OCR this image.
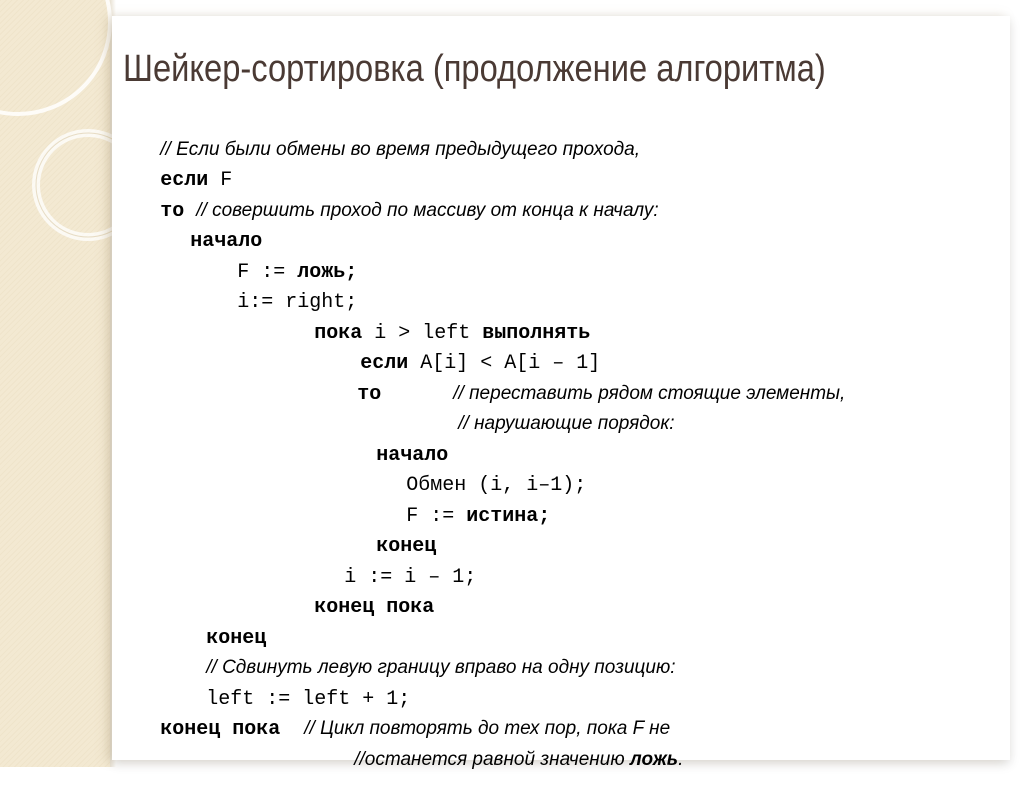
Шейкер-сортировка (продолжение алгоритма)

// Если были обмены во время предыдущего прохода,

если F

то // совершить проход по массиву от конца к началу:

начало

F := ложь;

i:= right;

пока i > left выполнять

если A[i] < A[i – 1]

то	// переставить рядом стоящие элементы,

// нарушающие порядок:

начало

Обмен (i, i–1);

F := истина;

конец

i := i – 1;

конец пока

конец

// Сдвинуть левую границу вправо на одну позицию:

left := left + 1;

конец пока // Цикл повторять до тех пор, пока F не

//останется равной значению ложь.
